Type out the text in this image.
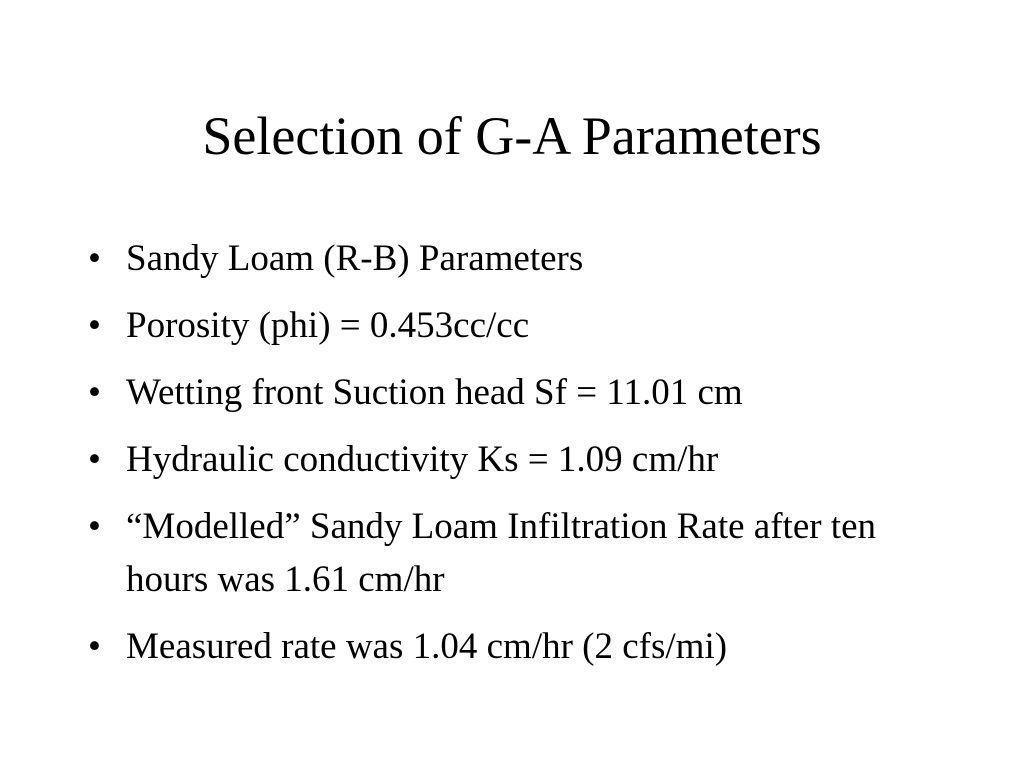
Selection of G-A Parameters
• Sandy Loam (R-B) Parameters
• Porosity (phi) = 0.453cc/cc
• Wetting front Suction head Sf = 11.01 cm
• Hydraulic conductivity Ks = 1.09 cm/hr
• “Modelled” Sandy Loam Infiltration Rate after ten hours was 1.61 cm/hr
• Measured rate was 1.04 cm/hr (2 cfs/mi)
